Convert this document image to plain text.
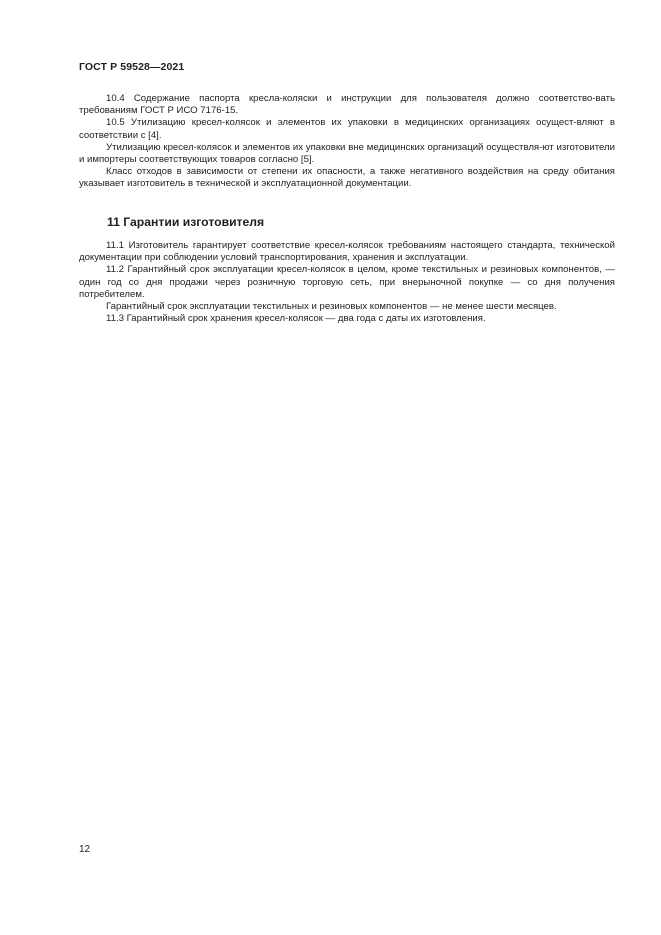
ГОСТ Р 59528—2021

10.4 Содержание паспорта кресла-коляски и инструкции для пользователя должно соответство-вать требованиям ГОСТ Р ИСО 7176-15.

10.5 Утилизацию кресел-колясок и элементов их упаковки в медицинских организациях осущест-вляют в соответствии с [4].

Утилизацию кресел-колясок и элементов их упаковки вне медицинских организаций осуществля-ют изготовители и импортеры соответствующих товаров согласно [5].

Класс отходов в зависимости от степени их опасности, а также негативного воздействия на среду обитания указывает изготовитель в технической и эксплуатационной документации.

11 Гарантии изготовителя

11.1 Изготовитель гарантирует соответствие кресел-колясок требованиям настоящего стандарта, технической документации при соблюдении условий транспортирования, хранения и эксплуатации.

11.2 Гарантийный срок эксплуатации кресел-колясок в целом, кроме текстильных и резиновых компонентов, — один год со дня продажи через розничную торговую сеть, при внерыночной покупке — со дня получения потребителем.

Гарантийный срок эксплуатации текстильных и резиновых компонентов — не менее шести месяцев.

11.3 Гарантийный срок хранения кресел-колясок — два года с даты их изготовления.

12
